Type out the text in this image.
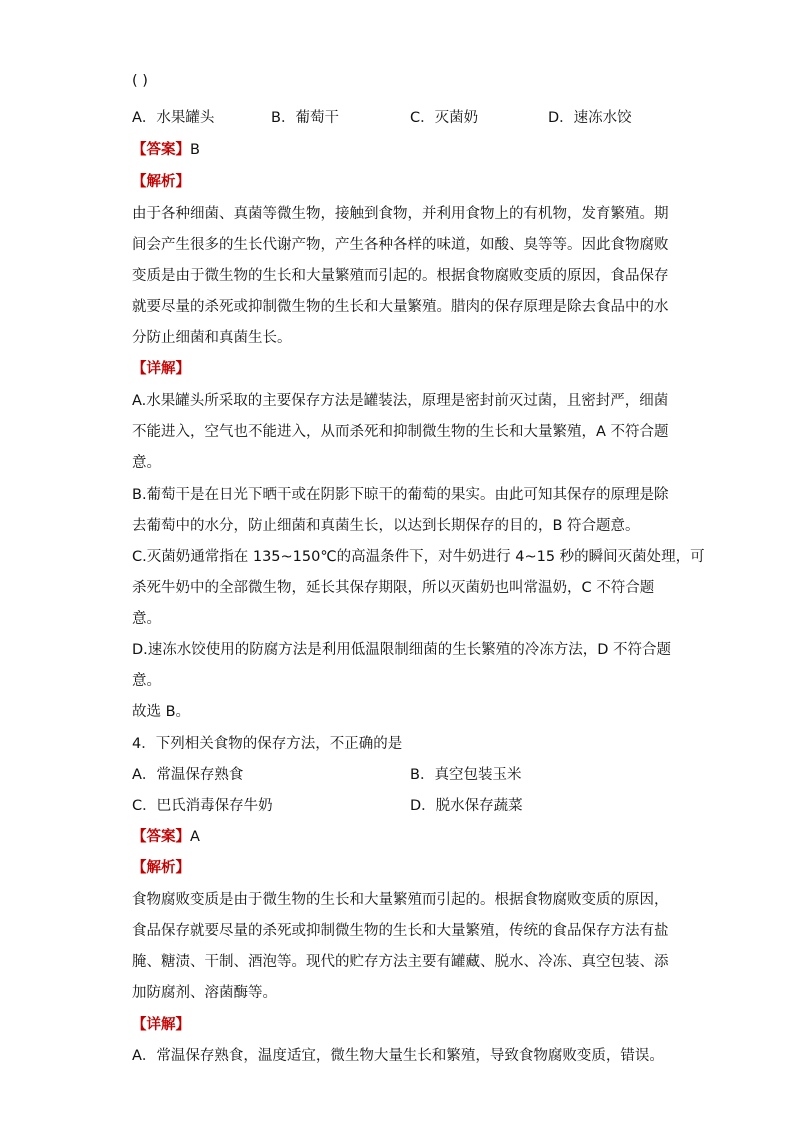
( )
A．水果罐头	B．葡萄干	C．灭菌奶	D．速冻水饺
【答案】B
【解析】
由于各种细菌、真菌等微生物，接触到食物，并利用食物上的有机物，发育繁殖。期
间会产生很多的生长代谢产物，产生各种各样的味道，如酸、臭等等。因此食物腐败
变质是由于微生物的生长和大量繁殖而引起的。根据食物腐败变质的原因，食品保存
就要尽量的杀死或抑制微生物的生长和大量繁殖。腊肉的保存原理是除去食品中的水
分防止细菌和真菌生长。
【详解】
A.水果罐头所采取的主要保存方法是罐装法，原理是密封前灭过菌，且密封严，细菌
不能进入，空气也不能进入，从而杀死和抑制微生物的生长和大量繁殖，A 不符合题
意。
B.葡萄干是在日光下晒干或在阴影下晾干的葡萄的果实。由此可知其保存的原理是除
去葡萄中的水分，防止细菌和真菌生长，以达到长期保存的目的，B 符合题意。
C.灭菌奶通常指在 135~150℃的高温条件下，对牛奶进行 4~15 秒的瞬间灭菌处理，可
杀死牛奶中的全部微生物，延长其保存期限，所以灭菌奶也叫常温奶，C 不符合题
意。
D.速冻水饺使用的防腐方法是利用低温限制细菌的生长繁殖的冷冻方法，D 不符合题
意。
故选 B。
4．下列相关食物的保存方法，不正确的是
A．常温保存熟食	B．真空包装玉米
C．巴氏消毒保存牛奶	D．脱水保存蔬菜
【答案】A
【解析】
食物腐败变质是由于微生物的生长和大量繁殖而引起的。根据食物腐败变质的原因，
食品保存就要尽量的杀死或抑制微生物的生长和大量繁殖，传统的食品保存方法有盐
腌、糖渍、干制、酒泡等。现代的贮存方法主要有罐藏、脱水、冷冻、真空包装、添
加防腐剂、溶菌酶等。
【详解】
A．常温保存熟食，温度适宜，微生物大量生长和繁殖，导致食物腐败变质，错误。
